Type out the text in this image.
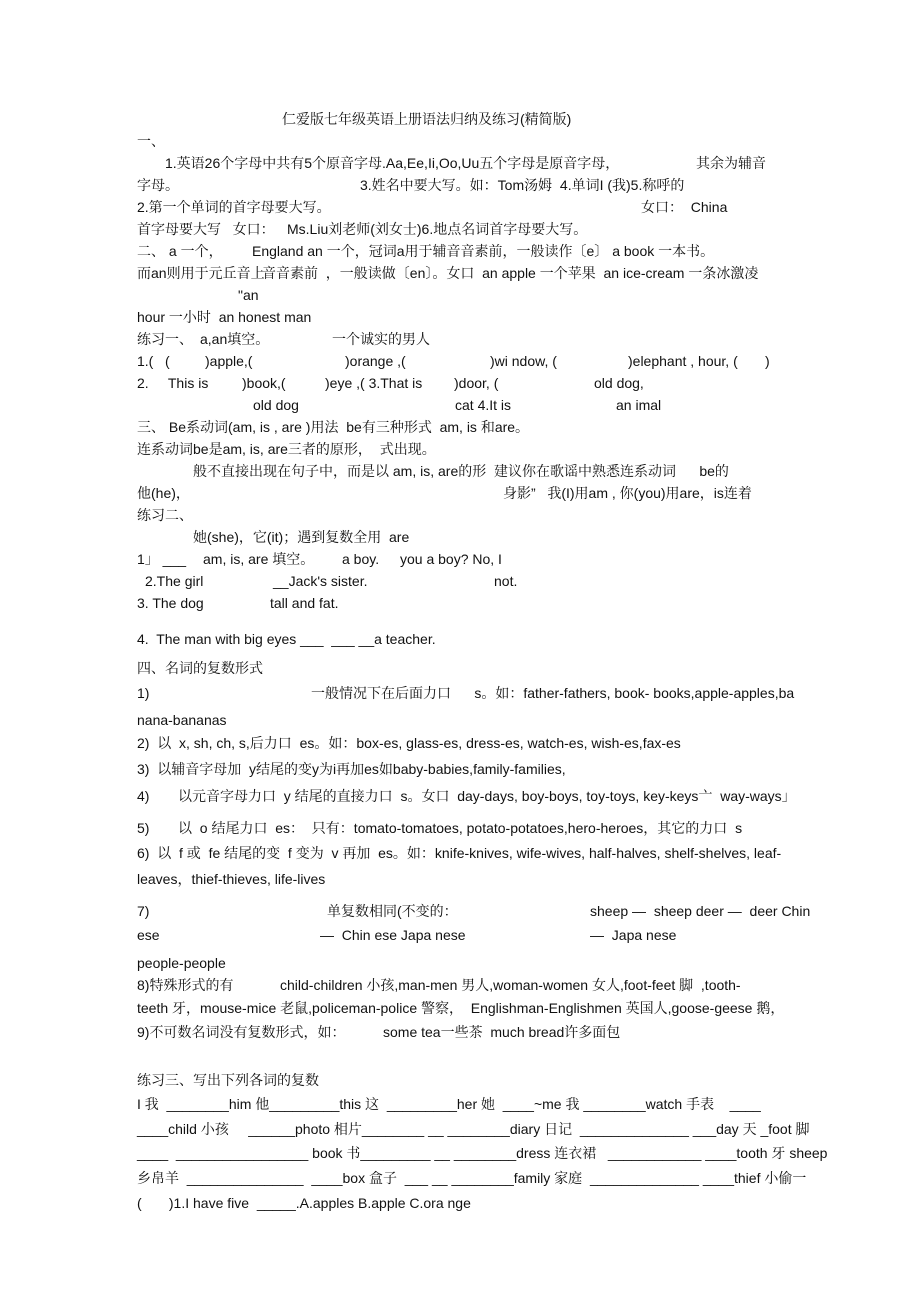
仁爱版七年级英语上册语法归纳及练习(精简版)
一、
1.英语26个字母中共有5个原音字母.Aa,Ee,Ii,Oo,Uu五个字母是原音字母，	其余为辅音
字母。	3.姓名中要大写。如：Tom汤姆  4.单词I (我)5.称呼的
2.第一个单词的首字母要大写。	女口：  China
首字母要大写   女口： Ms.Liu刘老师(刘女士)6.地点名词首字母要大写。
二、 a 一个， England an 一个，冠词a用于辅音音素前，一般读作〔e〕 a book 一本书。
而an则用于元丘音上
音音素前  ，一般读做〔en〕。女口  an apple 一个苹果  an ice-cream 一条冰激凌
"an
hour 一小时  an honest man
练习一、 a,an填空。	一个诚实的男人
1.(   (	)apple,(	)orange ,(	)wi ndow, (	)elephant , hour, (       )
2.     This is )book,(	)eye ,( 3.That is )door, (	old dog,
old dog	cat 4.It is	an imal
三、 Be系动词(am, is , are )用法  be有三种形式  am, is 和are。
连系动词be是am, is, are三者的原形，  式出现。
般不直接出现在句子中，而是以 am, is, are的形  建议你在歌谣中熟悉连系动词      be的
他(he)，	身影”   我(I)用am , 你(you)用are，is连着
练习二、
她(she)，它(it)；遇到复数全用  are
1」 ___ am, is, are 填空。 a boy. you a boy? No, I
2.The girl	__Jack's sister.	not.
3. The dog	tall and fat.
4.  The man with big eyes ___  ___ __a teacher.
四、名词的复数形式
1)	一般情况下在后面力口      s。如：father-fathers, book- books,apple-apples,ba
nana-bananas
2)  以  x, sh, ch, s,后力口  es。如：box-es, glass-es, dress-es, watch-es, wish-es,fax-es
3)  以辅音字母加  y结尾的变y为i再加es如baby-babies,family-families,
4) 以元音字母力口  y 结尾的直接力口  s。女口  day-days, boy-boys, toy-toys, key-keys亠  way-ways」
5) 以  o 结尾力口  es：  只有：tomato-tomatoes, potato-potatoes,hero-heroes，其它的力口  s
6)  以  f 或  fe 结尾的变  f 变为  v 再加  es。如：knife-knives, wife-wives, half-halves, shelf-shelves, leaf-
leaves，thief-thieves, life-lives
7)	单复数相同(不变的：	sheep —  sheep deer —  deer Chin
ese	—  Chin ese Japa nese	—  Japa nese
people-people
8)特殊形式的有	child-children 小孩,man-men 男人,woman-women 女人,foot-feet 脚  ,tooth-
teeth 牙，mouse-mice 老鼠,policeman-police 警察，  Englishman-Englishmen 英国人,goose-geese 鹅，
9)不可数名词没有复数形式，如：	some tea一些茶  much bread许多面包
练习三、写出下列各词的复数
I 我  ________him 他_________this 这  _________her 她  ____~me 我 ________watch 手表    ____
____child 小孩     ______photo 相片________ __ ________diary 日记  ______________ ___day 天 _foot 脚
____  _________________ book 书_________ __ ________dress 连衣裙   ____________ ____tooth 牙 sheep
乡帛羊  _______________  ____box 盒子  ___ __ ________family 家庭  ______________ ____thief 小偷一
(       )1.I have five  _____.A.apples B.apple C.ora nge
